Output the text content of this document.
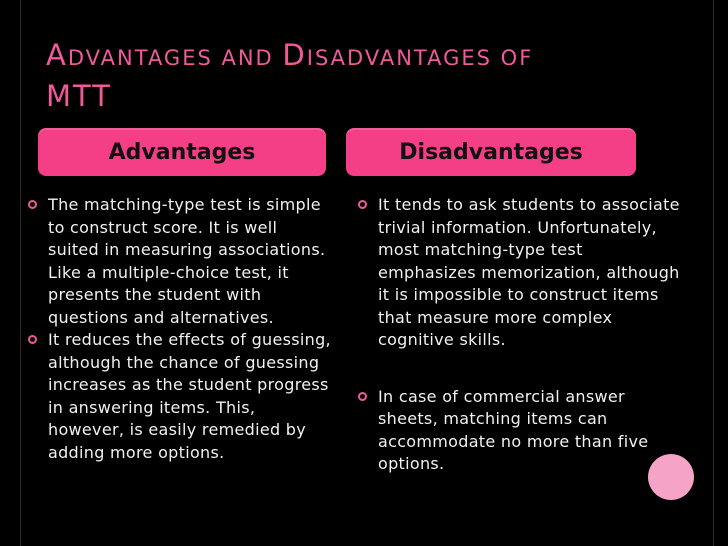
ADVANTAGES AND DISADVANTAGES OF
MTT
Advantages	Disadvantages
The matching-type test is simple to construct score. It is well suited in measuring associations. Like a multiple-choice test, it presents the student with questions and alternatives.
It reduces the effects of guessing, although the chance of guessing increases as the student progress in answering items. This, however, is easily remedied by adding more options.
It tends to ask students to associate trivial information. Unfortunately, most matching-type test emphasizes memorization, although it is impossible to construct items that measure more complex cognitive skills.
In case of commercial answer sheets, matching items can accommodate no more than five options.
